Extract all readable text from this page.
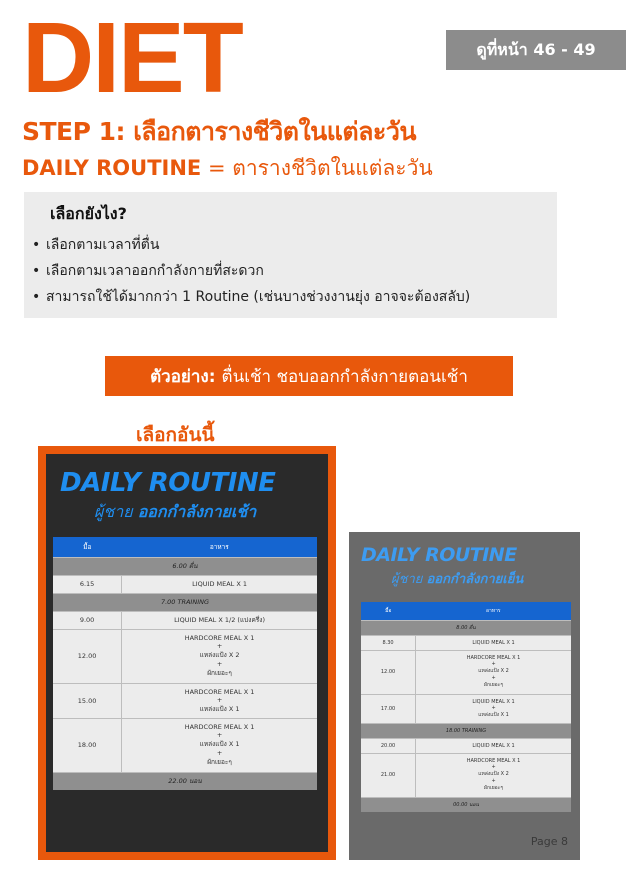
DIET	ดูที่หน้า 46 - 49
STEP 1: เลือกตารางชีวิตในแต่ละวัน
DAILY ROUTINE = ตารางชีวิตในแต่ละวัน
เลือกยังไง?
• เลือกตามเวลาที่ตื่น
• เลือกตามเวลาออกกำลังกายที่สะดวก
• สามารถใช้ได้มากกว่า 1 Routine (เช่นบางช่วงงานยุ่ง อาจจะต้องสลับ)
ตัวอย่าง: ตื่นเช้า ชอบออกกำลังกายตอนเช้า
เลือกอันนี้
DAILY ROUTINE
ผู้ชาย ออกกำลังกายเช้า
มื้อ	อาหาร
6.00 ตื่น	
6.15	LIQUID MEAL X 1

7.00 TRAINING	
9.00	LIQUID MEAL X 1/2 (แบ่งครึ่ง)

12.00	HARDCORE MEAL X 1
+
แหล่งแป้ง X 2
+
ผักเยอะๆ

15.00	HARDCORE MEAL X 1
+
แหล่งแป้ง X 1

18.00	HARDCORE MEAL X 1
+
แหล่งแป้ง X 1
+
ผักเยอะๆ

22.00 นอน	
DAILY ROUTINE
ผู้ชาย ออกกำลังกายเย็น
มื้อ	อาหาร
8.00 ตื่น	
8.30	LIQUID MEAL X 1

12.00	HARDCORE MEAL X 1
+
แหล่งแป้ง X 2
+
ผักเยอะๆ

17.00	LIQUID MEAL X 1
+
แหล่งแป้ง X 1

18.00 TRAINING	
20.00	LIQUID MEAL X 1

21.00	HARDCORE MEAL X 1
+
แหล่งแป้ง X 2
+
ผักเยอะๆ

00.00 นอน	
Page 8
